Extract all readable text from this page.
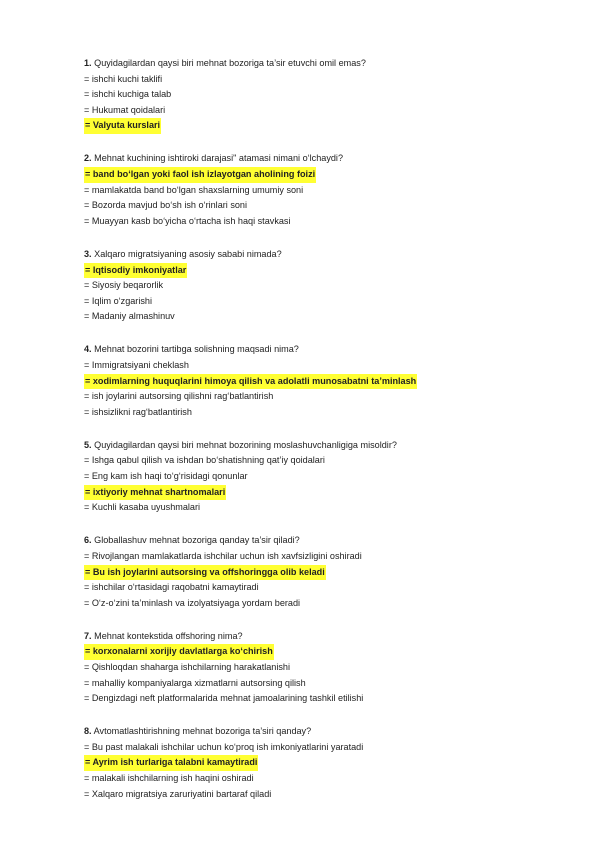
1. Quyidagilardan qaysi biri mehnat bozoriga ta’sir etuvchi omil emas?
= ishchi kuchi taklifi
= ishchi kuchiga talab
= Hukumat qoidalari
= Valyuta kurslari
2. Mehnat kuchining ishtiroki darajasi" atamasi nimani o‘lchaydi?
= band bo‘lgan yoki faol ish izlayotgan aholining foizi
= mamlakatda band bo‘lgan shaxslarning umumiy soni
= Bozorda mavjud bo‘sh ish o‘rinlari soni
= Muayyan kasb bo‘yicha o‘rtacha ish haqi stavkasi
3. Xalqaro migratsiyaning asosiy sababi nimada?
= Iqtisodiy imkoniyatlar
= Siyosiy beqarorlik
= Iqlim o‘zgarishi
= Madaniy almashinuv
4. Mehnat bozorini tartibga solishning maqsadi nima?
= Immigratsiyani cheklash
= xodimlarning huquqlarini himoya qilish va adolatli munosabatni ta’minlash
= ish joylarini autsorsing qilishni rag‘batlantirish
= ishsizlikni rag‘batlantirish
5. Quyidagilardan qaysi biri mehnat bozorining moslashuvchanligiga misoldir?
= Ishga qabul qilish va ishdan bo‘shatishning qat’iy qoidalari
= Eng kam ish haqi to‘g‘risidagi qonunlar
= ixtiyoriy mehnat shartnomalari
= Kuchli kasaba uyushmalari
6. Globallashuv mehnat bozoriga qanday ta’sir qiladi?
= Rivojlangan mamlakatlarda ishchilar uchun ish xavfsizligini oshiradi
= Bu ish joylarini autsorsing va offshoringga olib keladi
= ishchilar o‘rtasidagi raqobatni kamaytiradi
= O‘z-o‘zini ta’minlash va izolyatsiyaga yordam beradi
7. Mehnat kontekstida offshoring nima?
= korxonalarni xorijiy davlatlarga ko‘chirish
= Qishloqdan shaharga ishchilarning harakatlanishi
= mahalliy kompaniyalarga xizmatlarni autsorsing qilish
= Dengizdagi neft platformalarida mehnat jamoalarining tashkil etilishi
8. Avtomatlashtirishning mehnat bozoriga ta’siri qanday?
= Bu past malakali ishchilar uchun ko‘proq ish imkoniyatlarini yaratadi
= Ayrim ish turlariga talabni kamaytiradi
= malakali ishchilarning ish haqini oshiradi
= Xalqaro migratsiya zaruriyatini bartaraf qiladi
